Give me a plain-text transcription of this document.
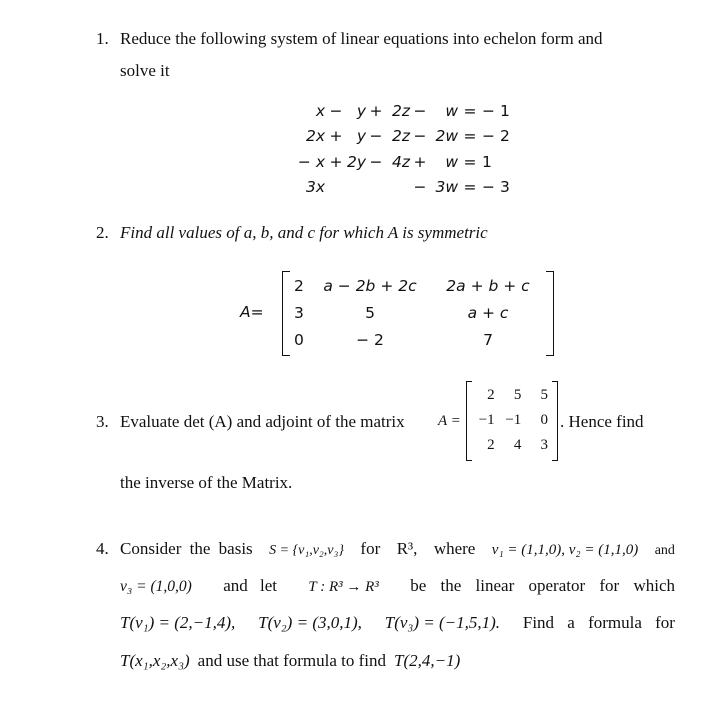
1. Reduce the following system of linear equations into echelon form and
solve it
x	−	y	+	2z	−	w	=	− 1
2x	+	y	−	2z	−	2w	=	− 2
− x	+	2y	−	4z	+	w	=	1
3x					−	3w	=	− 3
2. Find all values of a, b, and c for which A is symmetric
A=
2	a − 2b + 2c	2a + b + c
3	5	a + c
0	− 2	7
3. Evaluate det (A) and adjoint of the matrix A =
2	5	5
−1	−1	0
2	4	3
. Hence find
the inverse of the Matrix.
4. Consider the basis S = {v₁,v₂,v₃} for R³, where v₁ = (1,1,0), v₂ = (1,1,0) and
v₃ = (1,0,0) and let T : R³ → R³ be the linear operator for which
T(v₁) = (2,−1,4), T(v₂) = (3,0,1), T(v₃) = (−1,5,1). Find a formula for
T(x₁,x₂,x₃) and use that formula to find T(2,4,−1)
